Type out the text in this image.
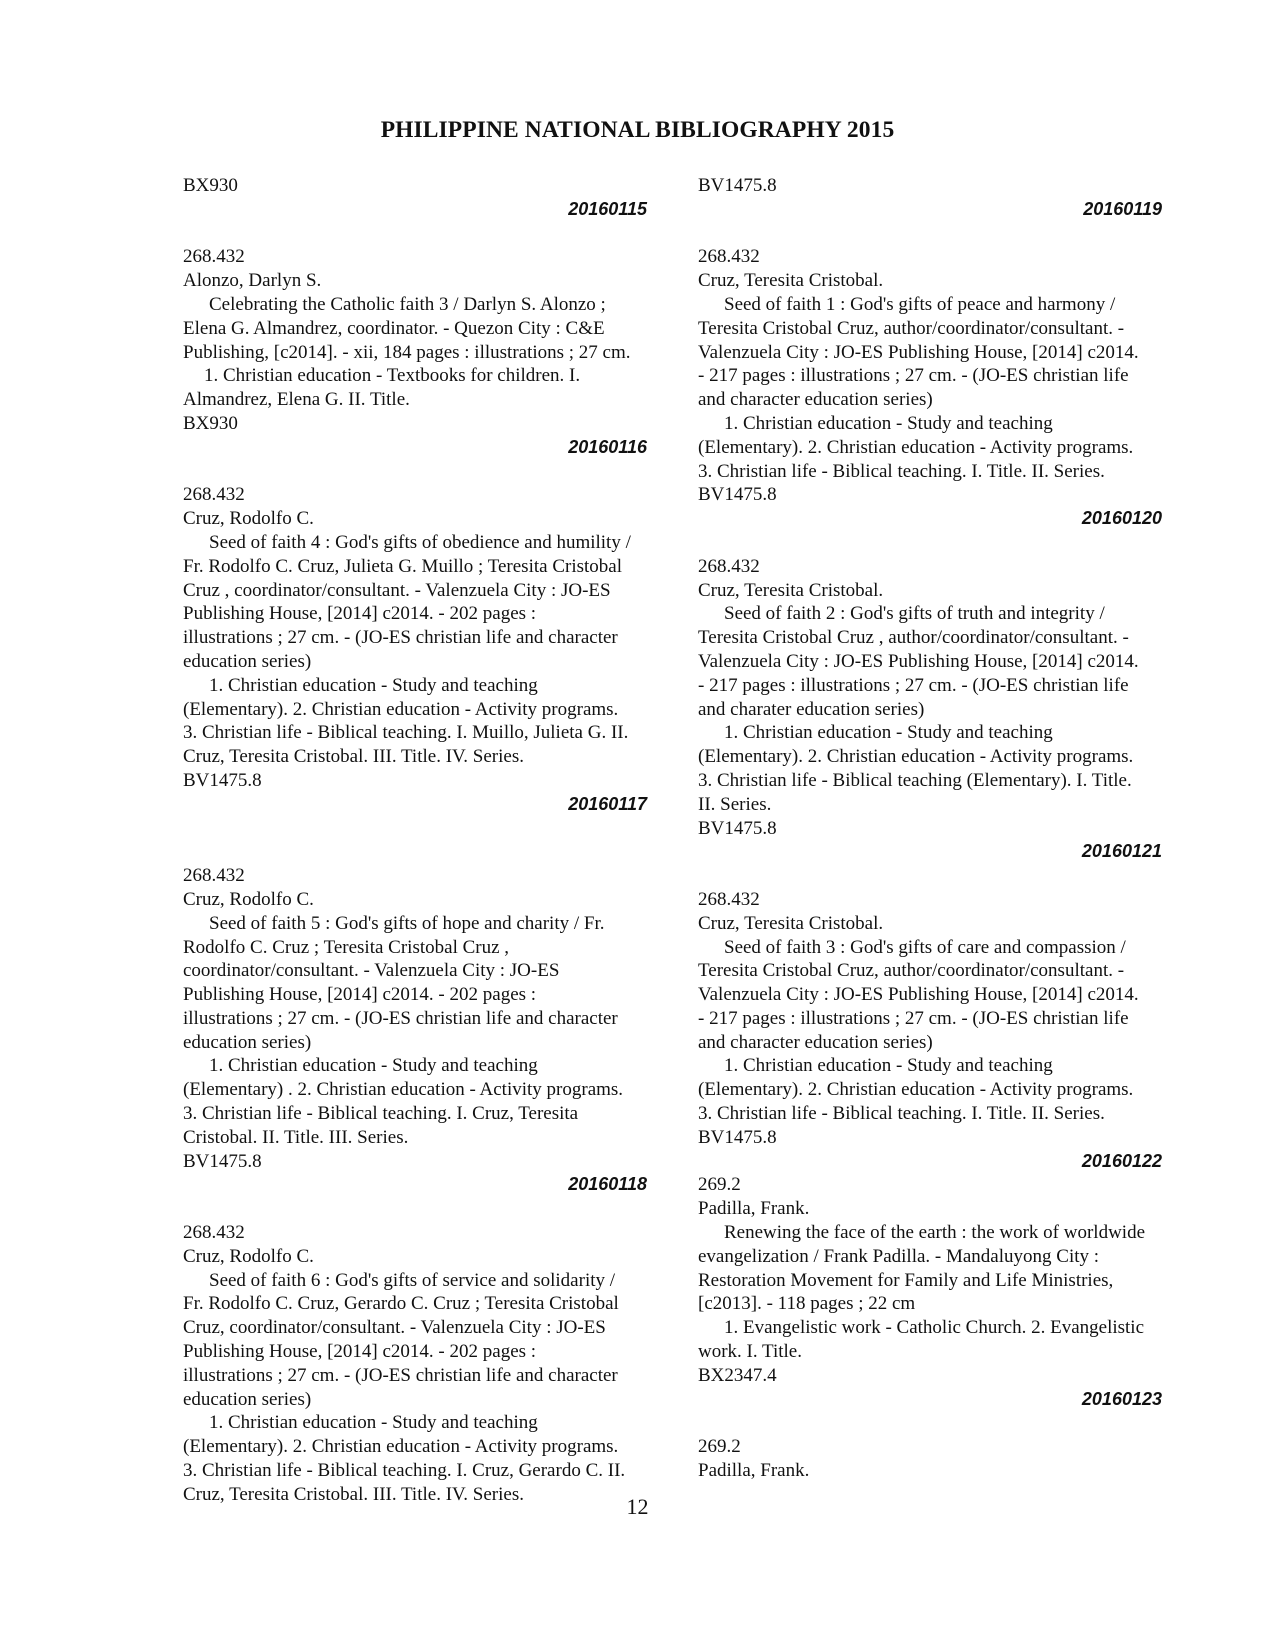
PHILIPPINE NATIONAL BIBLIOGRAPHY 2015
BX930
20160115
268.432
Alonzo, Darlyn S.
Celebrating the Catholic faith 3 / Darlyn S. Alonzo ;
Elena G. Almandrez, coordinator. - Quezon City : C&E
Publishing, [c2014]. - xii, 184 pages : illustrations ; 27 cm.
1. Christian education - Textbooks for children. I.
Almandrez, Elena G. II. Title.
BX930
20160116
268.432
Cruz, Rodolfo C.
Seed of faith 4 : God's gifts of obedience and humility /
Fr. Rodolfo C. Cruz, Julieta G. Muillo ; Teresita Cristobal
Cruz , coordinator/consultant. - Valenzuela City : JO-ES
Publishing House, [2014] c2014. - 202 pages :
illustrations ; 27 cm. - (JO-ES christian life and character
education series)
1. Christian education - Study and teaching
(Elementary). 2. Christian education - Activity programs.
3. Christian life - Biblical teaching. I. Muillo, Julieta G. II.
Cruz, Teresita Cristobal. III. Title. IV. Series.
BV1475.8
20160117
268.432
Cruz, Rodolfo C.
Seed of faith 5 : God's gifts of hope and charity / Fr.
Rodolfo C. Cruz ; Teresita Cristobal Cruz ,
coordinator/consultant. - Valenzuela City : JO-ES
Publishing House, [2014] c2014. - 202 pages :
illustrations ; 27 cm. - (JO-ES christian life and character
education series)
1. Christian education - Study and teaching
(Elementary) . 2. Christian education - Activity programs.
3. Christian life - Biblical teaching. I. Cruz, Teresita
Cristobal. II. Title. III. Series.
BV1475.8
20160118
268.432
Cruz, Rodolfo C.
Seed of faith 6 : God's gifts of service and solidarity /
Fr. Rodolfo C. Cruz, Gerardo C. Cruz ; Teresita Cristobal
Cruz, coordinator/consultant. - Valenzuela City : JO-ES
Publishing House, [2014] c2014. - 202 pages :
illustrations ; 27 cm. - (JO-ES christian life and character
education series)
1. Christian education - Study and teaching
(Elementary). 2. Christian education - Activity programs.
3. Christian life - Biblical teaching. I. Cruz, Gerardo C. II.
Cruz, Teresita Cristobal. III. Title. IV. Series.
BV1475.8
20160119
268.432
Cruz, Teresita Cristobal.
Seed of faith 1 : God's gifts of peace and harmony /
Teresita Cristobal Cruz, author/coordinator/consultant. -
Valenzuela City : JO-ES Publishing House, [2014] c2014.
- 217 pages : illustrations ; 27 cm. - (JO-ES christian life
and character education series)
1. Christian education - Study and teaching
(Elementary). 2. Christian education - Activity programs.
3. Christian life - Biblical teaching. I. Title. II. Series.
BV1475.8
20160120
268.432
Cruz, Teresita Cristobal.
Seed of faith 2 : God's gifts of truth and integrity /
Teresita Cristobal Cruz , author/coordinator/consultant. -
Valenzuela City : JO-ES Publishing House, [2014] c2014.
- 217 pages : illustrations ; 27 cm. - (JO-ES christian life
and charater education series)
1. Christian education - Study and teaching
(Elementary). 2. Christian education - Activity programs.
3. Christian life - Biblical teaching (Elementary). I. Title.
II. Series.
BV1475.8
20160121
268.432
Cruz, Teresita Cristobal.
Seed of faith 3 : God's gifts of care and compassion /
Teresita Cristobal Cruz, author/coordinator/consultant. -
Valenzuela City : JO-ES Publishing House, [2014] c2014.
- 217 pages : illustrations ; 27 cm. - (JO-ES christian life
and character education series)
1. Christian education - Study and teaching
(Elementary). 2. Christian education - Activity programs.
3. Christian life - Biblical teaching. I. Title. II. Series.
BV1475.8
20160122
269.2
Padilla, Frank.
Renewing the face of the earth : the work of worldwide
evangelization / Frank Padilla. - Mandaluyong City :
Restoration Movement for Family and Life Ministries,
[c2013]. - 118 pages ; 22 cm
1. Evangelistic work - Catholic Church. 2. Evangelistic
work. I. Title.
BX2347.4
20160123
269.2
Padilla, Frank.
12
